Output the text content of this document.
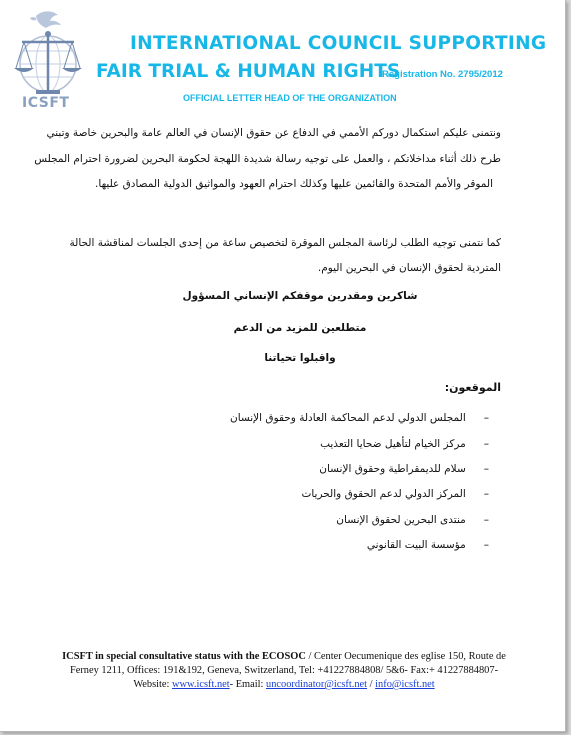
ICSFT
INTERNATIONAL COUNCIL SUPPORTING
FAIR TRIAL & HUMAN RIGHTS
Registration No. 2795/2012
OFFICIAL LETTER HEAD OF THE ORGANIZATION
ونتمنى عليكم استكمال دوركم الأممي في الدفاع عن حقوق الإنسان في العالم عامة والبحرين خاصة وتبني
طرح ذلك أثناء مداخلاتكم ، والعمل على توجيه رسالة شديدة اللهجة لحكومة البحرين لضرورة احترام المجلس
الموقر والأمم المتحدة والقائمين عليها وكذلك احترام العهود والمواثيق الدولية المصادق عليها.
كما نتمنى توجيه الطلب لرئاسة المجلس الموقرة لتخصيص ساعة من إحدى الجلسات لمناقشة الحالة
المتردية لحقوق الإنسان في البحرين اليوم.
شاكرين ومقدرين موقفكم الإنساني المسؤول
متطلعين للمزيد من الدعم
واقبلوا تحياتنا
الموقعون:
–المجلس الدولي لدعم المحاكمة العادلة وحقوق الإنسان
–مركز الخيام لتأهيل ضحايا التعذيب
–سلام للديمقراطية وحقوق الإنسان
–المركز الدولي لدعم الحقوق والحريات
–منتدى البحرين لحقوق الإنسان
–مؤسسة البيت القانوني
ICSFT in special consultative status with the ECOSOC / Center Oecumenique des eglise 150, Route de Ferney 1211, Offices: 191&192, Geneva, Switzerland, Tel: +41227884808/ 5&6- Fax:+ 41227884807- Website: www.icsft.net- Email: uncoordinator@icsft.net / info@icsft.net
